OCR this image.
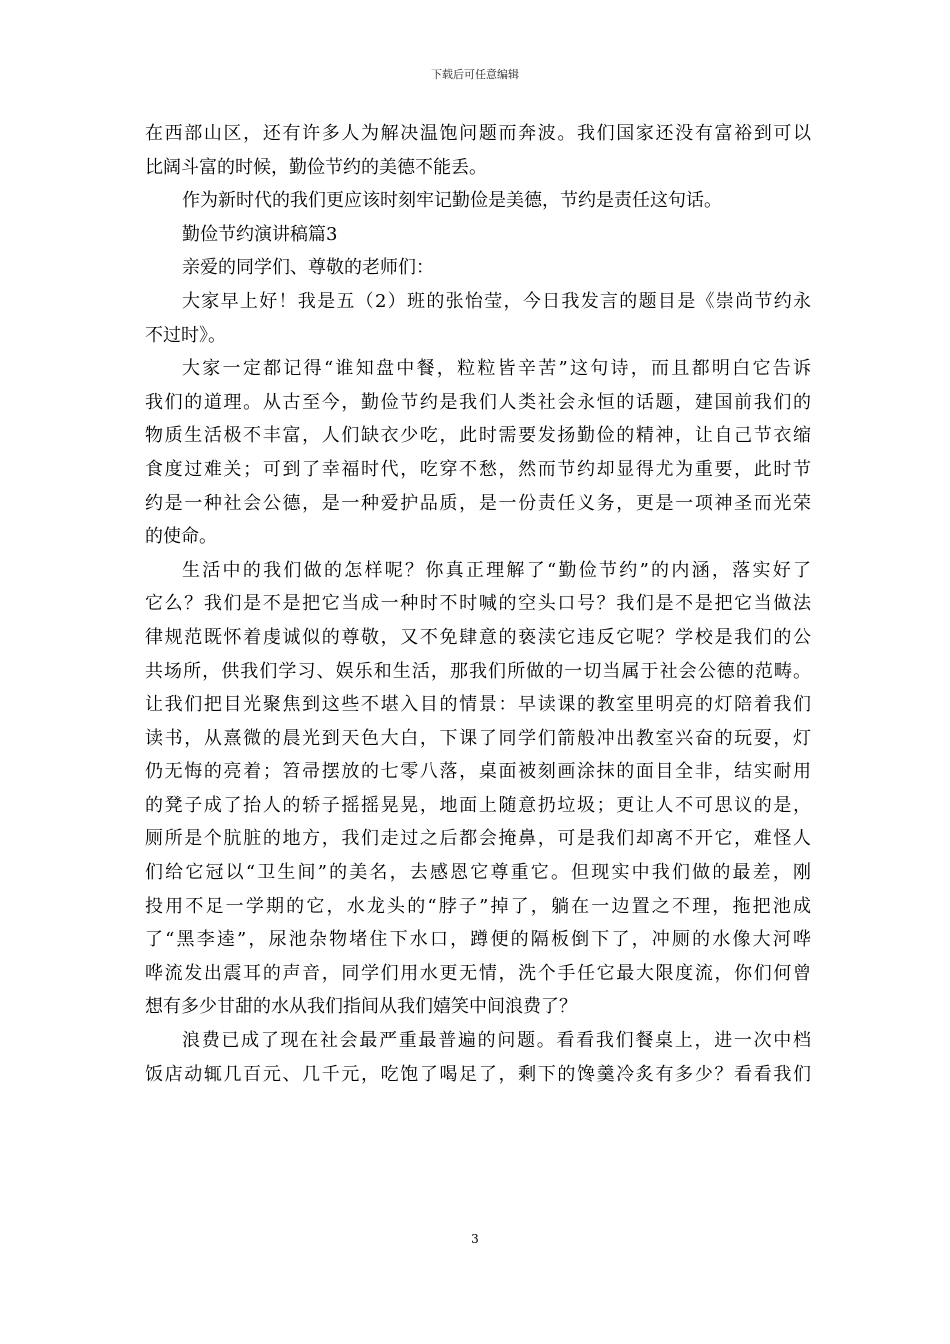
下载后可任意编辑
在西部山区，还有许多人为解决温饱问题而奔波。我们国家还没有富裕到可以
比阔斗富的时候，勤俭节约的美德不能丢。
作为新时代的我们更应该时刻牢记勤俭是美德，节约是责任这句话。
勤俭节约演讲稿篇3
亲爱的同学们、尊敬的老师们：
大家早上好！我是五（2）班的张怡莹，今日我发言的题目是《崇尚节约永
不过时》。
大家一定都记得“谁知盘中餐，粒粒皆辛苦”这句诗，而且都明白它告诉
我们的道理。从古至今，勤俭节约是我们人类社会永恒的话题，建国前我们的
物质生活极不丰富，人们缺衣少吃，此时需要发扬勤俭的精神，让自己节衣缩
食度过难关；可到了幸福时代，吃穿不愁，然而节约却显得尤为重要，此时节
约是一种社会公德，是一种爱护品质，是一份责任义务，更是一项神圣而光荣
的使命。
生活中的我们做的怎样呢？你真正理解了“勤俭节约”的内涵，落实好了
它么？我们是不是把它当成一种时不时喊的空头口号？我们是不是把它当做法
律规范既怀着虔诚似的尊敬，又不免肆意的亵渎它违反它呢？学校是我们的公
共场所，供我们学习、娱乐和生活，那我们所做的一切当属于社会公德的范畴。
让我们把目光聚焦到这些不堪入目的情景：早读课的教室里明亮的灯陪着我们
读书，从熹微的晨光到天色大白，下课了同学们箭般冲出教室兴奋的玩耍，灯
仍无悔的亮着；笤帚摆放的七零八落，桌面被刻画涂抹的面目全非，结实耐用
的凳子成了抬人的轿子摇摇晃晃，地面上随意扔垃圾；更让人不可思议的是，
厕所是个肮脏的地方，我们走过之后都会掩鼻，可是我们却离不开它，难怪人
们给它冠以“卫生间”的美名，去感恩它尊重它。但现实中我们做的最差，刚
投用不足一学期的它，水龙头的“脖子”掉了，躺在一边置之不理，拖把池成
了“黑李逵”，尿池杂物堵住下水口，蹲便的隔板倒下了，冲厕的水像大河哗
哗流发出震耳的声音，同学们用水更无情，洗个手任它最大限度流，你们何曾
想有多少甘甜的水从我们指间从我们嬉笑中间浪费了？
浪费已成了现在社会最严重最普遍的问题。看看我们餐桌上，进一次中档
饭店动辄几百元、几千元，吃饱了喝足了，剩下的馋羹冷炙有多少？看看我们
3
